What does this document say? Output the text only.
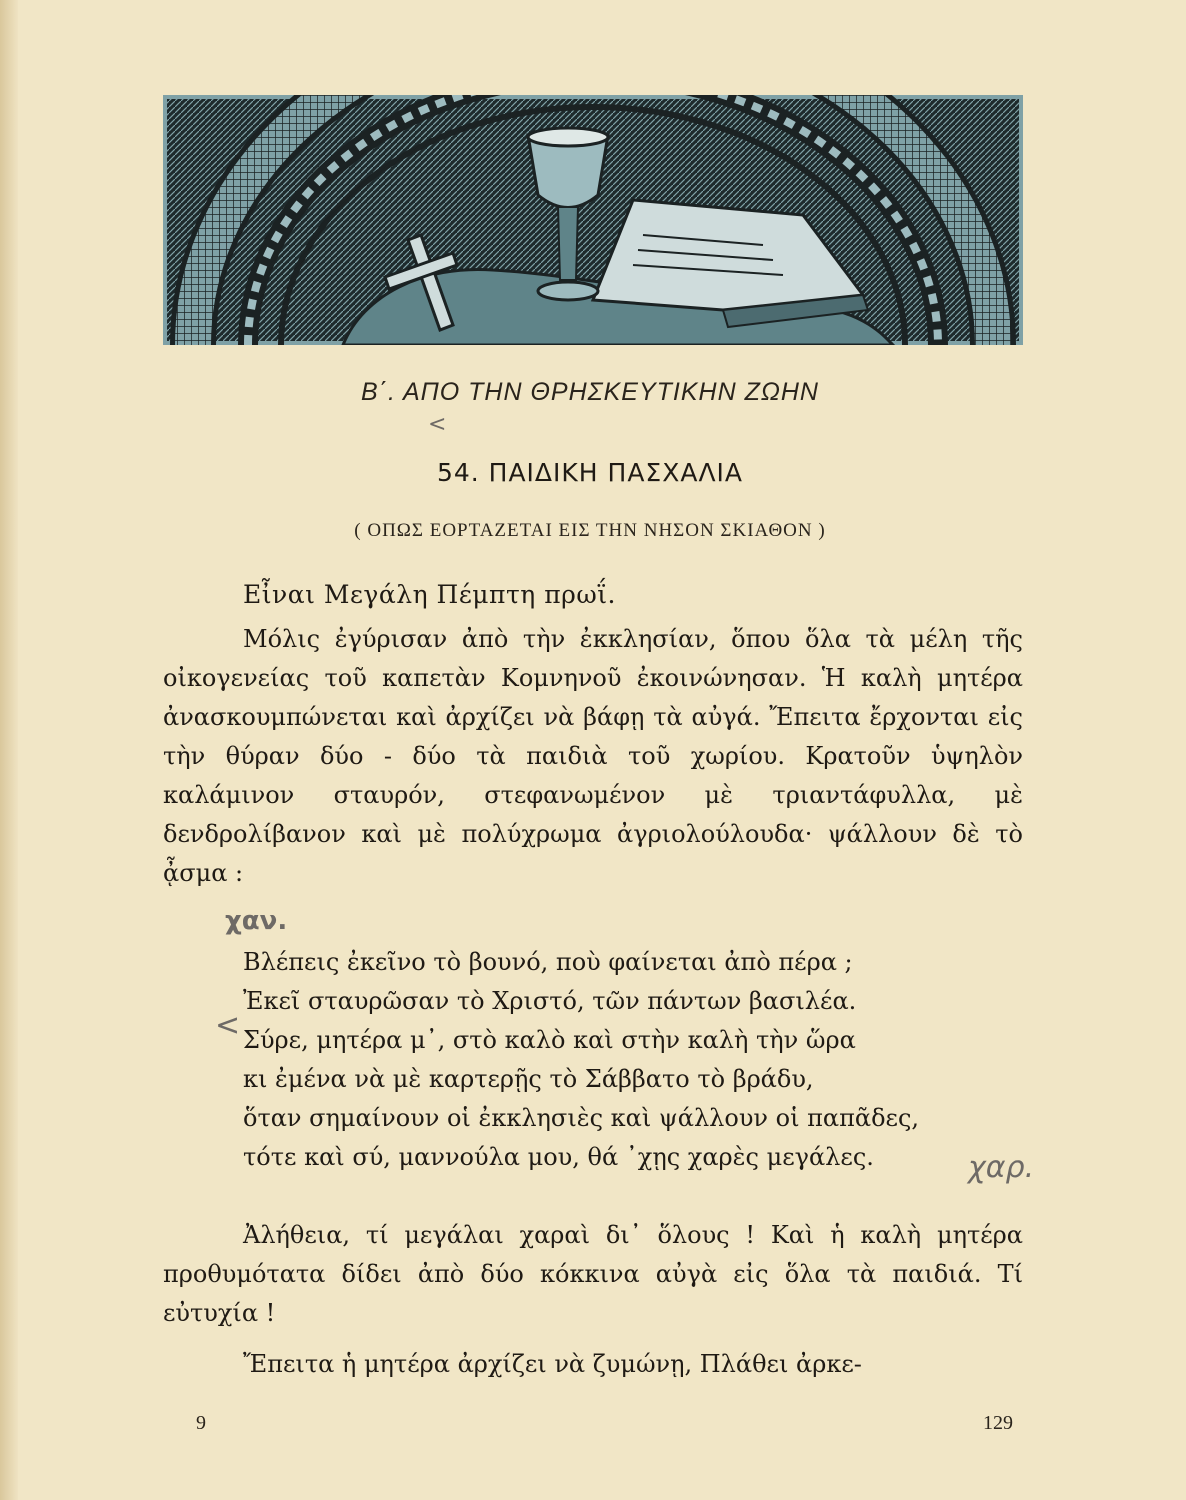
Β΄. ΑΠΟ ΤΗΝ ΘΡΗΣΚΕΥΤΙΚΗΝ ΖΩΗΝ
<
54. ΠΑΙΔΙΚΗ ΠΑΣΧΑΛΙΑ
( ΟΠΩΣ ΕΟΡΤΑΖΕΤΑΙ ΕΙΣ ΤΗΝ ΝΗΣΟΝ ΣΚΙΑΘΟΝ )
Εἶναι Μεγάλη Πέμπτη πρωΐ.

Μόλις ἐγύρισαν ἀπὸ τὴν ἐκκλησίαν, ὅπου ὅλα τὰ μέλη τῆς οἰκογενείας τοῦ καπετὰν Κομνηνοῦ ἐκοινώνησαν. Ἡ καλὴ μητέρα ἀνασκουμπώνεται καὶ ἀρχίζει νὰ βάφῃ τὰ αὐγά. Ἔπειτα ἔρχονται εἰς τὴν θύραν δύο - δύο τὰ παιδιὰ τοῦ χωρίου. Κρατοῦν ὑψηλὸν καλάμινον σταυρόν, στεφανωμένον μὲ τριαντάφυλλα, μὲ δενδρολίβανον καὶ μὲ πολύχρωμα ἀγριολούλουδα· ψάλλουν δὲ τὸ ᾆσμα :

χαν.
Βλέπεις ἐκεῖνο τὸ βουνό, ποὺ φαίνεται ἀπὸ πέρα ;
Ἐκεῖ σταυρῶσαν τὸ Χριστό, τῶν πάντων βασιλέα.
< Σύρε, μητέρα μ᾿, στὸ καλὸ καὶ στὴν καλὴ τὴν ὥρα
κι ἐμένα νὰ μὲ καρτερῇς τὸ Σάββατο τὸ βράδυ,
ὅταν σημαίνουν οἱ ἐκκλησιὲς καὶ ψάλλουν οἱ παπᾶδες,
τότε καὶ σύ, μαννούλα μου, θά ᾿χῃς χαρὲς μεγάλες.	χαρ.

Ἀλήθεια, τί μεγάλαι χαραὶ δι᾿ ὅλους ! Καὶ ἡ καλὴ μητέρα προθυμότατα δίδει ἀπὸ δύο κόκκινα αὐγὰ εἰς ὅλα τὰ παιδιά. Τί εὐτυχία !

Ἔπειτα ἡ μητέρα ἀρχίζει νὰ ζυμώνῃ, Πλάθει ἀρκε-

9	129
